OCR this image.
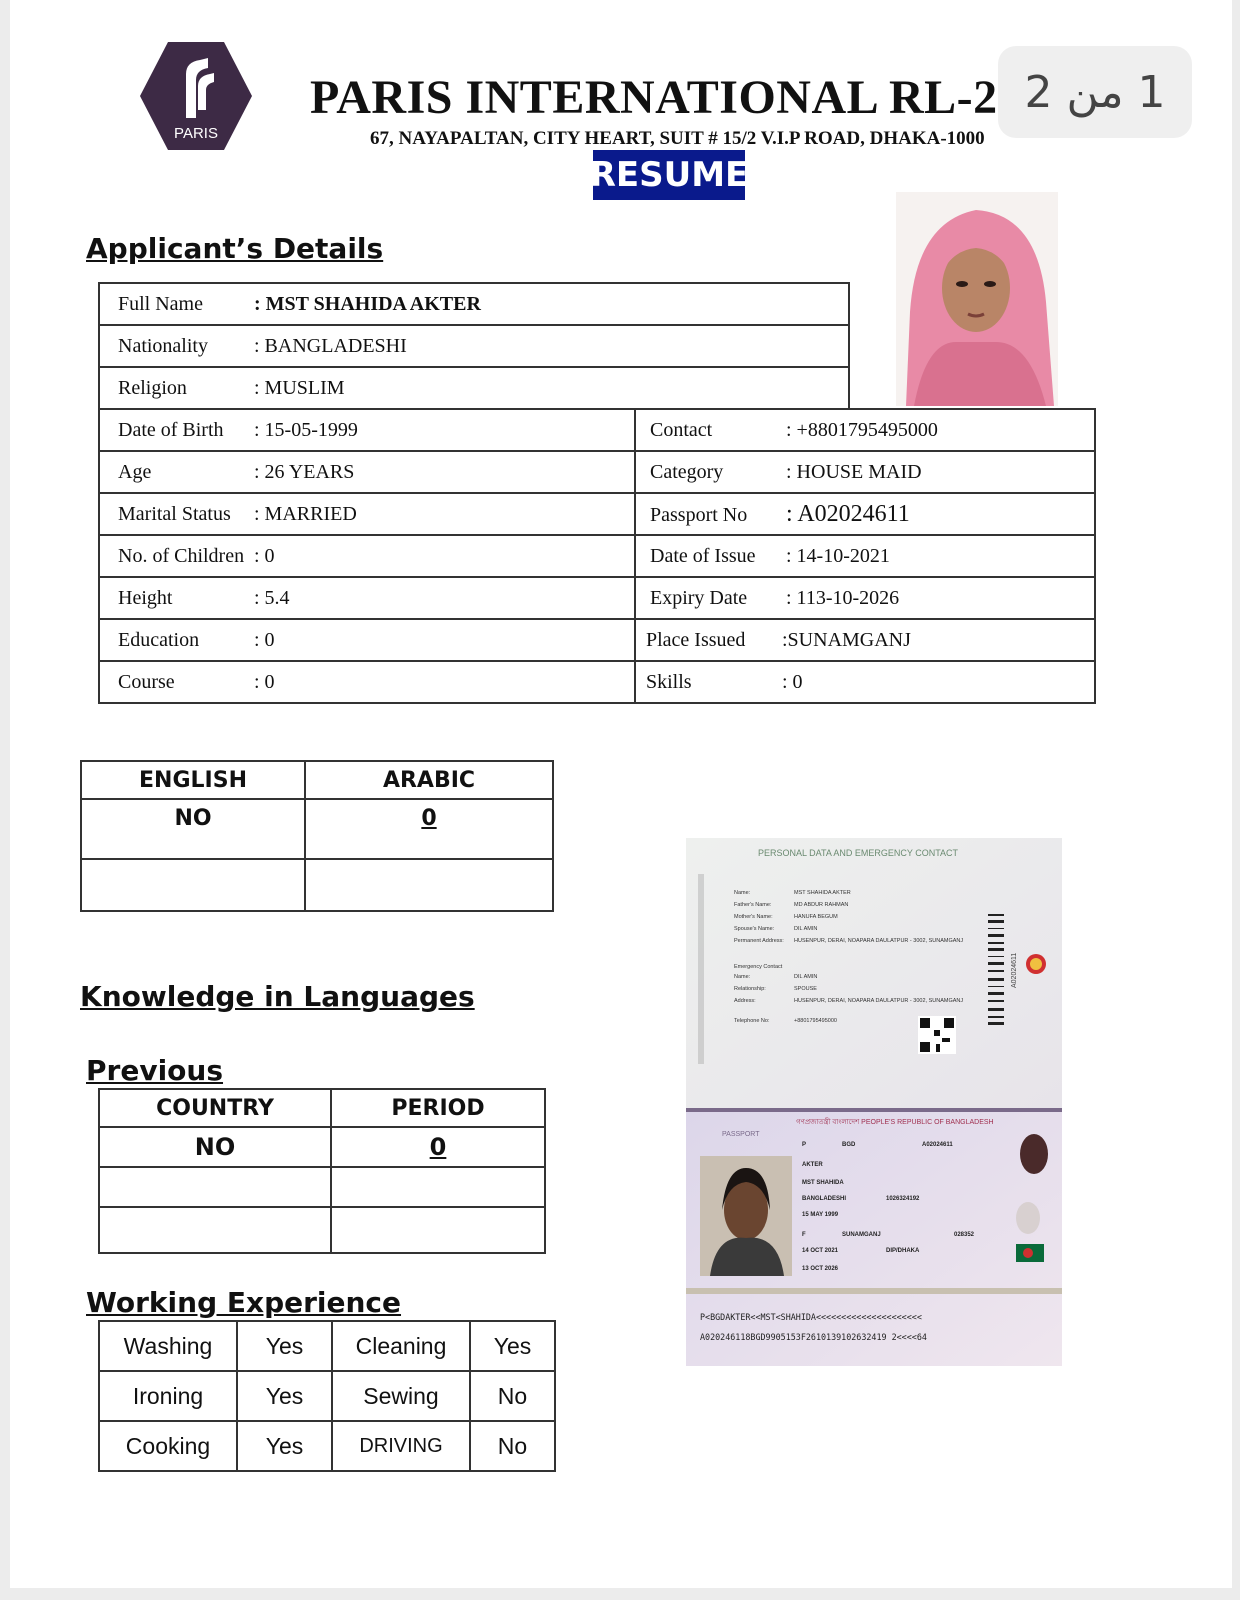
PARIS
PARIS INTERNATIONAL RL-2
67, NAYAPALTAN, CITY HEART, SUIT # 15/2 V.I.P ROAD, DHAKA-1000
RESUME
1 من 2
Applicant’s Details
Full Name	: MST SHAHIDA AKTER
Nationality : BANGLADESHI
Religion	: MUSLIM
Date of Birth : 15-05-1999	Contact : +8801795495000
Age : 26 YEARS	Category : HOUSE MAID
Marital Status : MARRIED	Passport No : A02024611
No. of Children : 0	Date of Issue : 14-10-2021
Height : 5.4	Expiry Date : 113-10-2026
Education : 0	Place Issued :SUNAMGANJ
Course : 0	Skills : 0
ENGLISH	ARABIC
NO	0

Knowledge in Languages
Previous
COUNTRY	PERIOD
NO	0

Working Experience
Washing	Yes	Cleaning	Yes
Ironing	Yes	Sewing	No
Cooking	Yes	DRIVING	No
PERSONAL DATA AND EMERGENCY CONTACT
Name:	MST SHAHIDA AKTER
Father's Name:	MD ABDUR RAHMAN
Mother's Name:	HANUFA BEGUM
Spouse's Name:	DIL AMIN
Permanent Address: HUSENPUR, DERAI, NOAPARA DAULATPUR - 3002, SUNAMGANJ
Emergency Contact
Name:	DIL AMIN
Relationship:	SPOUSE
Address:	HUSENPUR, DERAI, NOAPARA DAULATPUR - 3002, SUNAMGANJ
Telephone No:	+8801795495000
A02024611
গণপ্রজাতন্ত্রী বাংলাদেশ PEOPLE'S REPUBLIC OF BANGLADESH
PASSPORT
P	BGD	A02024611
AKTER
MST SHAHIDA
BANGLADESHI	1026324192
15 MAY 1999
F	SUNAMGANJ	028352
14 OCT 2021	DIP/DHAKA
13 OCT 2026
P<BGDAKTER<<MST<SHAHIDA<<<<<<<<<<<<<<<<<<<<<
A020246118BGD9905153F2610139102632419 2<<<<64
